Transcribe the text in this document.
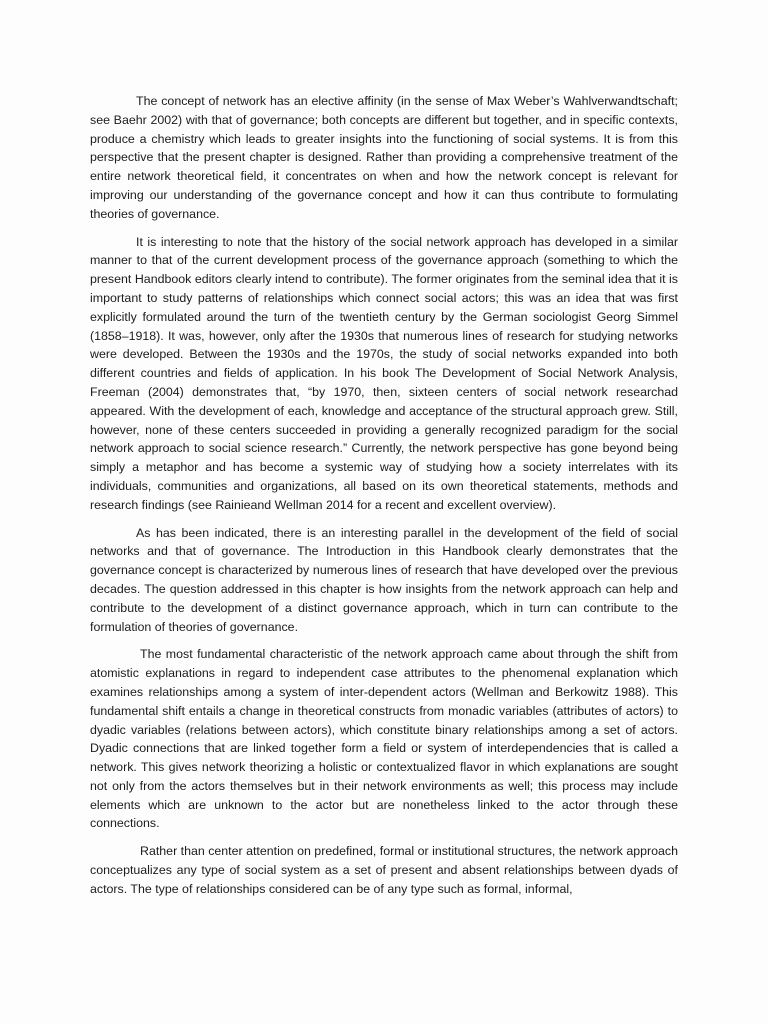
The concept of network has an elective affinity (in the sense of Max Weber’s Wahlverwandtschaft; see Baehr 2002) with that of governance; both concepts are different but together, and in specific contexts, produce a chemistry which leads to greater insights into the functioning of social systems. It is from this perspective that the present chapter is designed. Rather than providing a comprehensive treatment of the entire network theoretical field, it concentrates on when and how the network concept is relevant for improving our understanding of the governance concept and how it can thus contribute to formulating theories of governance.

It is interesting to note that the history of the social network approach has developed in a similar manner to that of the current development process of the governance approach (something to which the present Handbook editors clearly intend to contribute). The former originates from the seminal idea that it is important to study patterns of relationships which connect social actors; this was an idea that was first explicitly formulated around the turn of the twentieth century by the German sociologist Georg Simmel (1858–1918). It was, however, only after the 1930s that numerous lines of research for studying networks were developed. Between the 1930s and the 1970s, the study of social networks expanded into both different countries and fields of application. In his book The Development of Social Network Analysis, Freeman (2004) demonstrates that, “by 1970, then, sixteen centers of social network researchad appeared. With the development of each, knowledge and acceptance of the structural approach grew. Still, however, none of these centers succeeded in providing a generally recognized paradigm for the social network approach to social science research.” Currently, the network perspective has gone beyond being simply a metaphor and has become a systemic way of studying how a society interrelates with its individuals, communities and organizations, all based on its own theoretical statements, methods and research findings (see Rainieand Wellman 2014 for a recent and excellent overview).

As has been indicated, there is an interesting parallel in the development of the field of social networks and that of governance. The Introduction in this Handbook clearly demonstrates that the governance concept is characterized by numerous lines of research that have developed over the previous decades. The question addressed in this chapter is how insights from the network approach can help and contribute to the development of a distinct governance approach, which in turn can contribute to the formulation of theories of governance.

The most fundamental characteristic of the network approach came about through the shift from atomistic explanations in regard to independent case attributes to the phenomenal explanation which examines relationships among a system of inter-dependent actors (Wellman and Berkowitz 1988). This fundamental shift entails a change in theoretical constructs from monadic variables (attributes of actors) to dyadic variables (relations between actors), which constitute binary relationships among a set of actors. Dyadic connections that are linked together form a field or system of interdependencies that is called a network. This gives network theorizing a holistic or contextualized flavor in which explanations are sought not only from the actors themselves but in their network environments as well; this process may include elements which are unknown to the actor but are nonetheless linked to the actor through these connections.

Rather than center attention on predefined, formal or institutional structures, the network approach conceptualizes any type of social system as a set of present and absent relationships between dyads of actors. The type of relationships considered can be of any type such as formal, informal,
